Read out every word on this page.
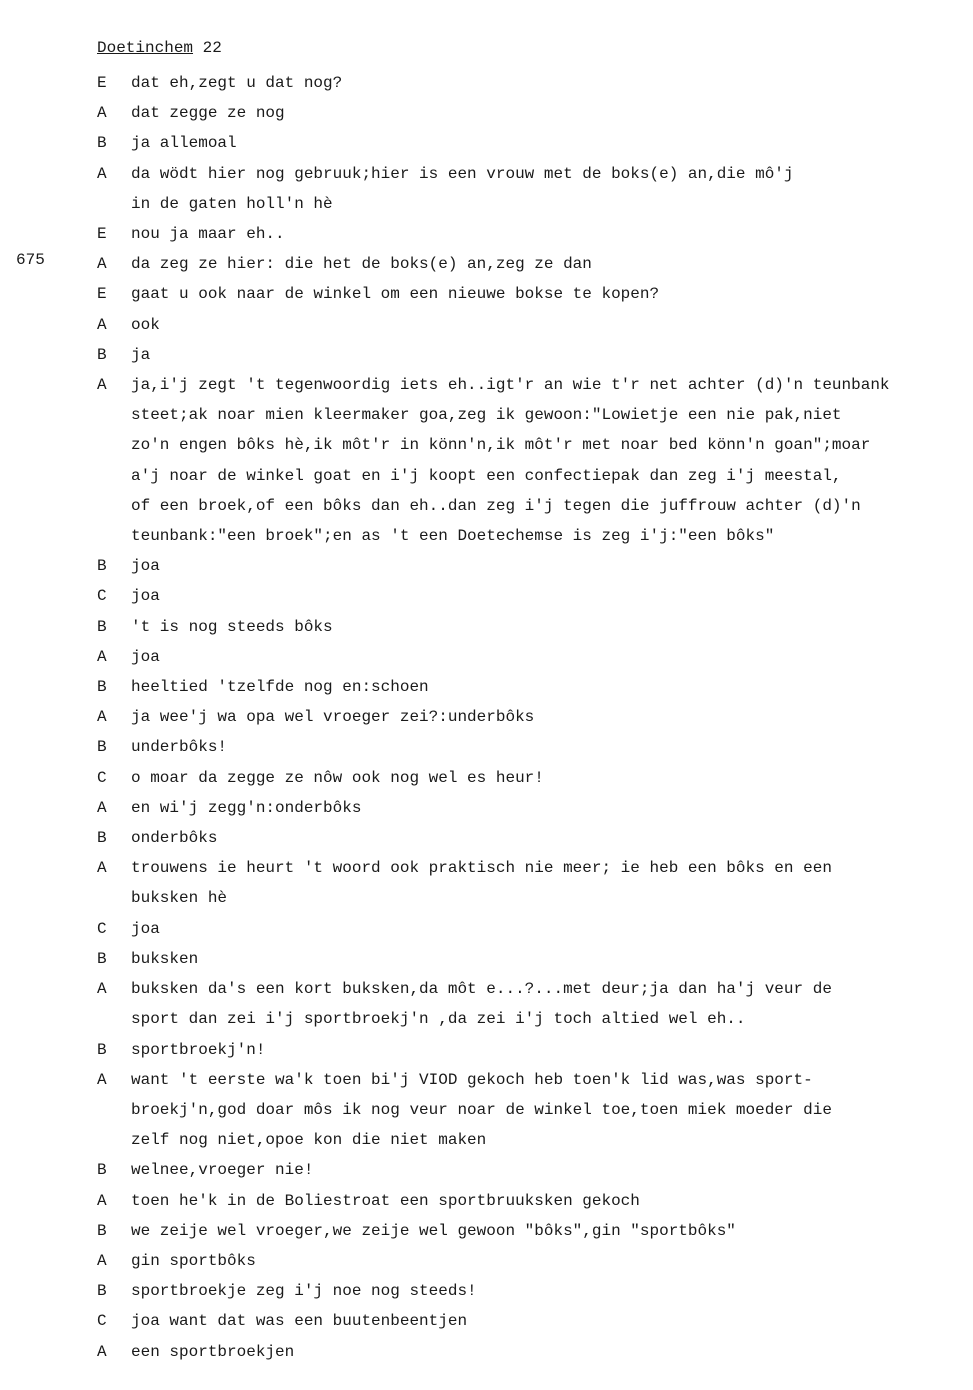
Doetinchem 22
675
E	dat eh,zegt u dat nog?
A	dat zegge ze nog
B	ja allemoal
A	da wödt hier nog gebruuk;hier is een vrouw met de boks(e) an,die mô'j
in de gaten holl'n hè
E	nou ja maar eh..
A	da zeg ze hier: die het de boks(e) an,zeg ze dan
E	gaat u ook naar de winkel om een nieuwe bokse te kopen?
A	ook
B	ja
A	ja,i'j zegt 't tegenwoordig iets eh..igt'r an wie t'r net achter (d)'n teunbank
steet;ak noar mien kleermaker goa,zeg ik gewoon:"Lowietje een nie pak,niet
zo'n engen bôks hè,ik môt'r in könn'n,ik môt'r met noar bed könn'n goan";moar
a'j noar de winkel goat en i'j koopt een confectiepak dan zeg i'j meestal,
of een broek,of een bôks dan eh..dan zeg i'j tegen die juffrouw achter (d)'n
teunbank:"een broek";en as 't een Doetechemse is zeg i'j:"een bôks"
B	joa
C	joa
B	't is nog steeds bôks
A	joa
B	heeltied 'tzelfde nog en:schoen
A	ja wee'j wa opa wel vroeger zei?:underbôks
B	underbôks!
C	o moar da zegge ze nôw ook nog wel es heur!
A	en wi'j zegg'n:onderbôks
B	onderbôks
A	trouwens ie heurt 't woord ook praktisch nie meer; ie heb een bôks en een
buksken hè
C	joa
B	buksken
A	buksken da's een kort buksken,da môt e...?...met deur;ja dan ha'j veur de
sport dan zei i'j sportbroekj'n ,da zei i'j toch altied wel eh..
B	sportbroekj'n!
A	want 't eerste wa'k toen bi'j VIOD gekoch heb toen'k lid was,was sport-
broekj'n,god doar môs ik nog veur noar de winkel toe,toen miek moeder die
zelf nog niet,opoe kon die niet maken
B	welnee,vroeger nie!
A	toen he'k in de Boliestroat een sportbruuksken gekoch
B	we zeije wel vroeger,we zeije wel gewoon "bôks",gin "sportbôks"
A	gin sportbôks
B	sportbroekje zeg i'j noe nog steeds!
C	joa want dat was een buutenbeentjen
A	een sportbroekjen
